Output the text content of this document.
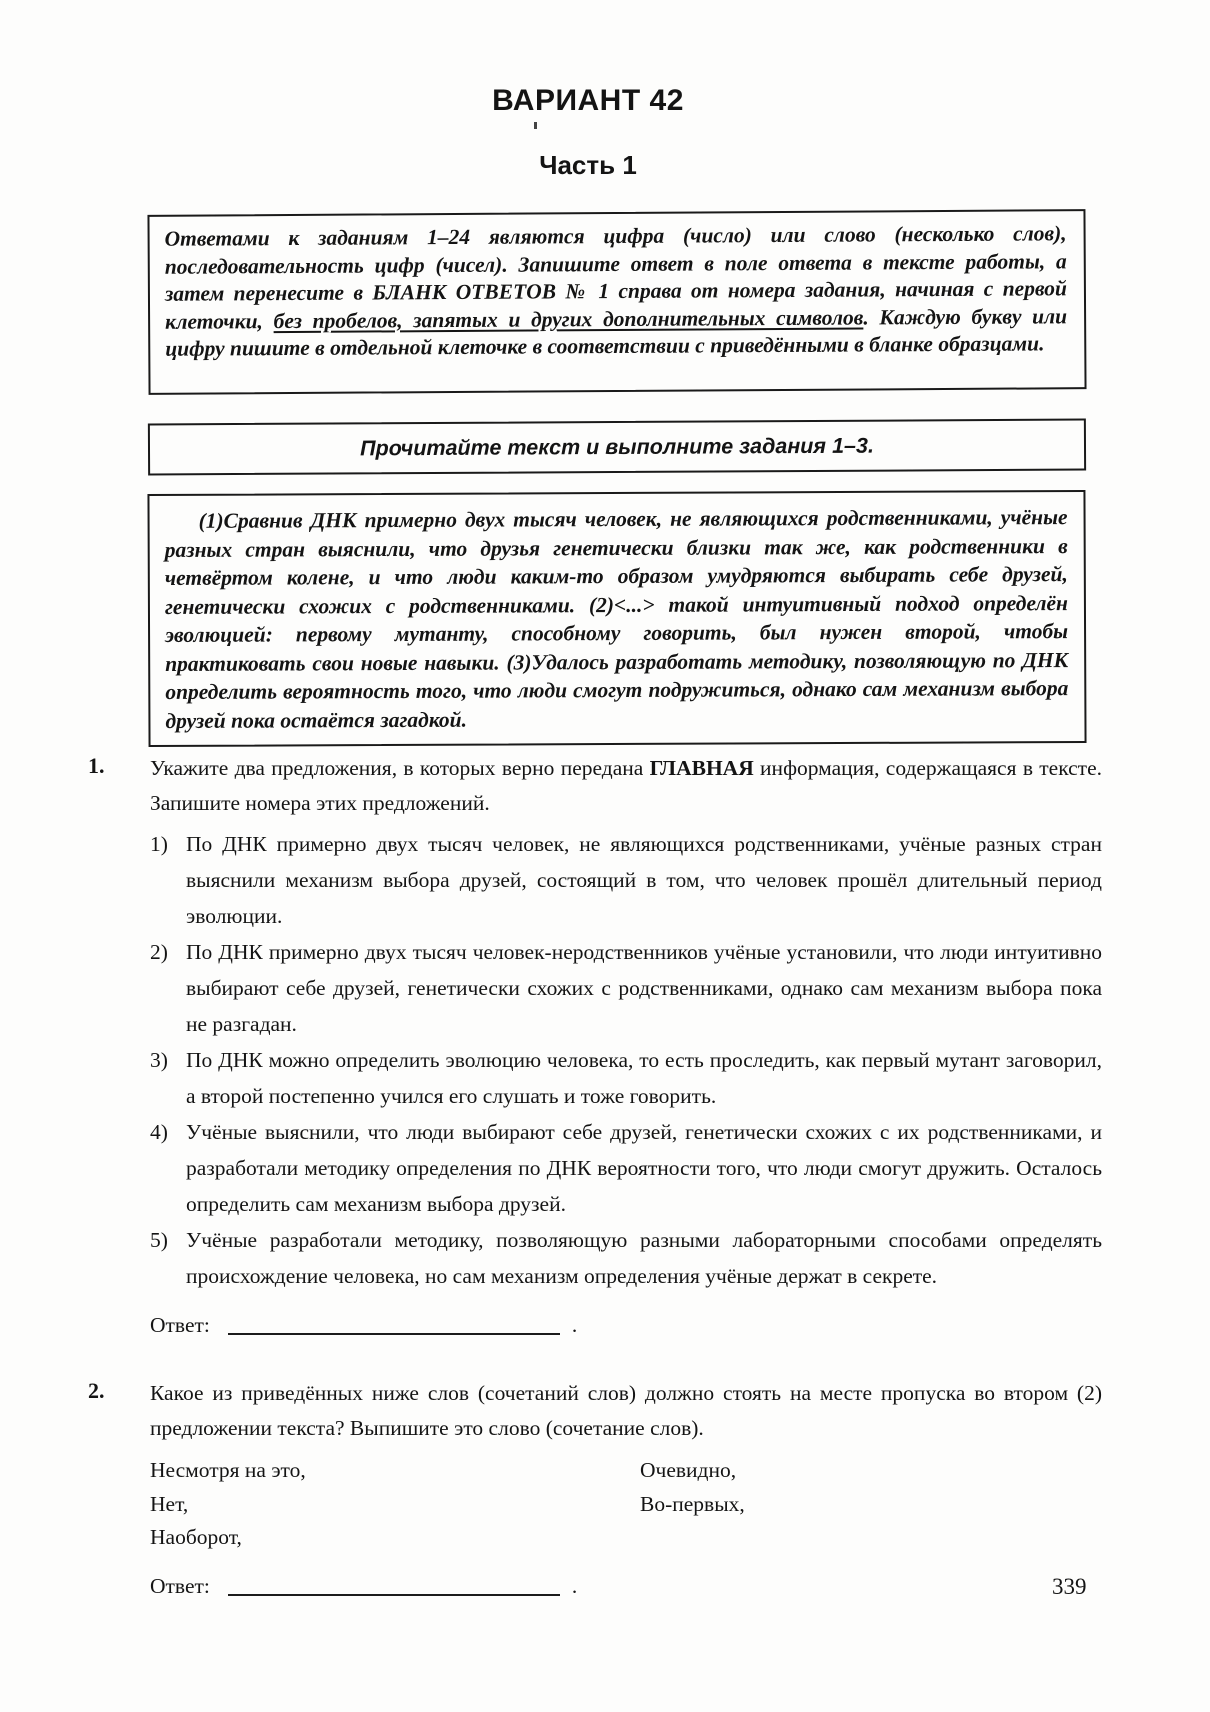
ВАРИАНТ 42
Часть 1

Ответами к заданиям 1–24 являются цифра (число) или слово (несколько слов), последовательность цифр (чисел). Запишите ответ в поле ответа в тексте работы, а затем перенесите в БЛАНК ОТВЕТОВ № 1 справа от номера задания, начиная с первой клеточки, без пробелов, запятых и других дополнительных символов. Каждую букву или цифру пишите в отдельной клеточке в соответствии с приведёнными в бланке образцами.

Прочитайте текст и выполните задания 1–3.

(1)Сравнив ДНК примерно двух тысяч человек, не являющихся родственниками, учёные разных стран выяснили, что друзья генетически близки так же, как родственники в четвёртом колене, и что люди каким-то образом умудряются выбирать себе друзей, генетически схожих с родственниками. (2)<...> такой интуитивный подход определён эволюцией: первому мутанту, способному говорить, был нужен второй, чтобы практиковать свои новые навыки. (3)Удалось разработать методику, позволяющую по ДНК определить вероятность того, что люди смогут подружиться, однако сам механизм выбора друзей пока остаётся загадкой.

1. Укажите два предложения, в которых верно передана ГЛАВНАЯ информация, содержащаяся в тексте. Запишите номера этих предложений.

1) По ДНК примерно двух тысяч человек, не являющихся родственниками, учёные разных стран выяснили механизм выбора друзей, состоящий в том, что человек прошёл длительный период эволюции.
2) По ДНК примерно двух тысяч человек-неродственников учёные установили, что люди интуитивно выбирают себе друзей, генетически схожих с родственниками, однако сам механизм выбора пока не разгадан.
3) По ДНК можно определить эволюцию человека, то есть проследить, как первый мутант заговорил, а второй постепенно учился его слушать и тоже говорить.
4) Учёные выяснили, что люди выбирают себе друзей, генетически схожих с их родственниками, и разработали методику определения по ДНК вероятности того, что люди смогут дружить. Осталось определить сам механизм выбора друзей.
5) Учёные разработали методику, позволяющую разными лабораторными способами определять происхождение человека, но сам механизм определения учёные держат в секрете.
Ответ:	.
2. Какое из приведённых ниже слов (сочетаний слов) должно стоять на месте пропуска во втором (2) предложении текста? Выпишите это слово (сочетание слов).

Несмотря на это,
Нет,
Наоборот,
Очевидно,
Во-первых,
Ответ:	.	339
